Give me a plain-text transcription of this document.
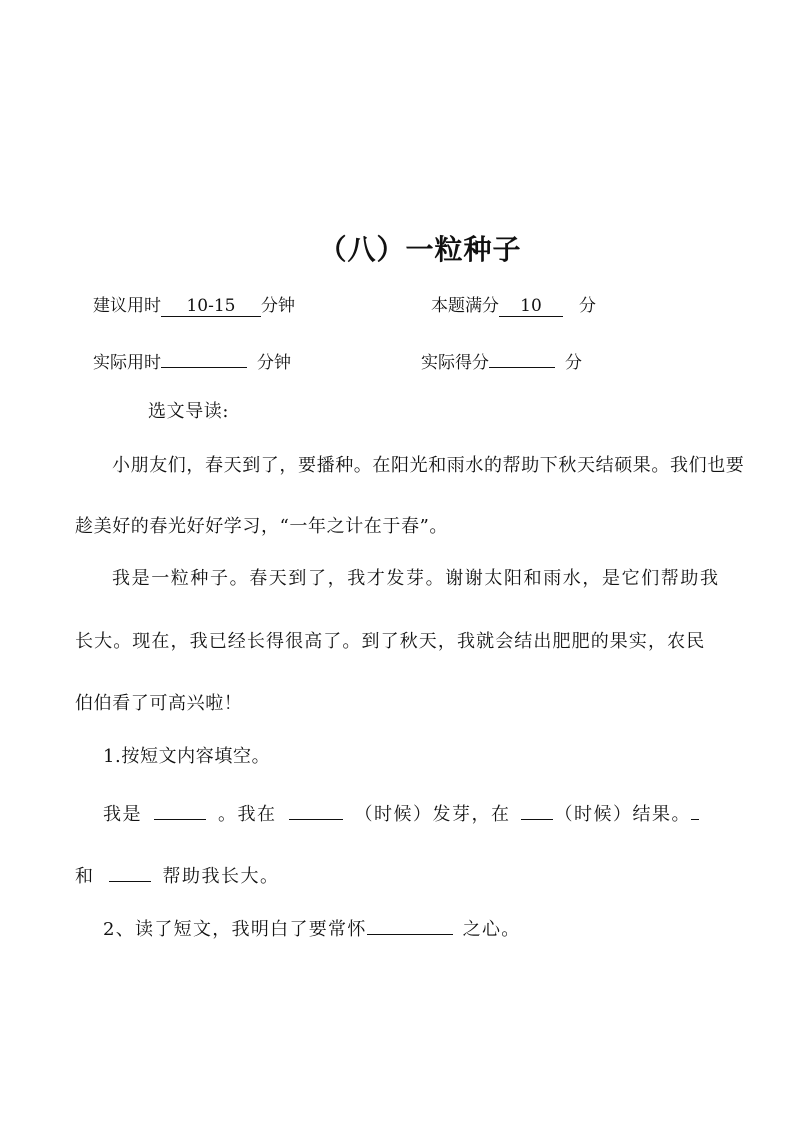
（八）一粒种子
建议用时 10-15 分钟	本题满分 10 分
实际用时	分钟	实际得分	分
选文导读:
小朋友们，春天到了，要播种。在阳光和雨水的帮助下秋天结硕果。我们也要
趁美好的春光好好学习，“一年之计在于春”。
我是一粒种子。春天到了，我才发芽。谢谢太阳和雨水，是它们帮助我
长大。现在，我已经长得很高了。到了秋天，我就会结出肥肥的果实，农民
伯伯看了可高兴啦！
1.按短文内容填空。
我是	。我在	（时候）发芽，在 （时候）结果。
和	帮助我长大。
2、读了短文，我明白了要常怀	之心。
